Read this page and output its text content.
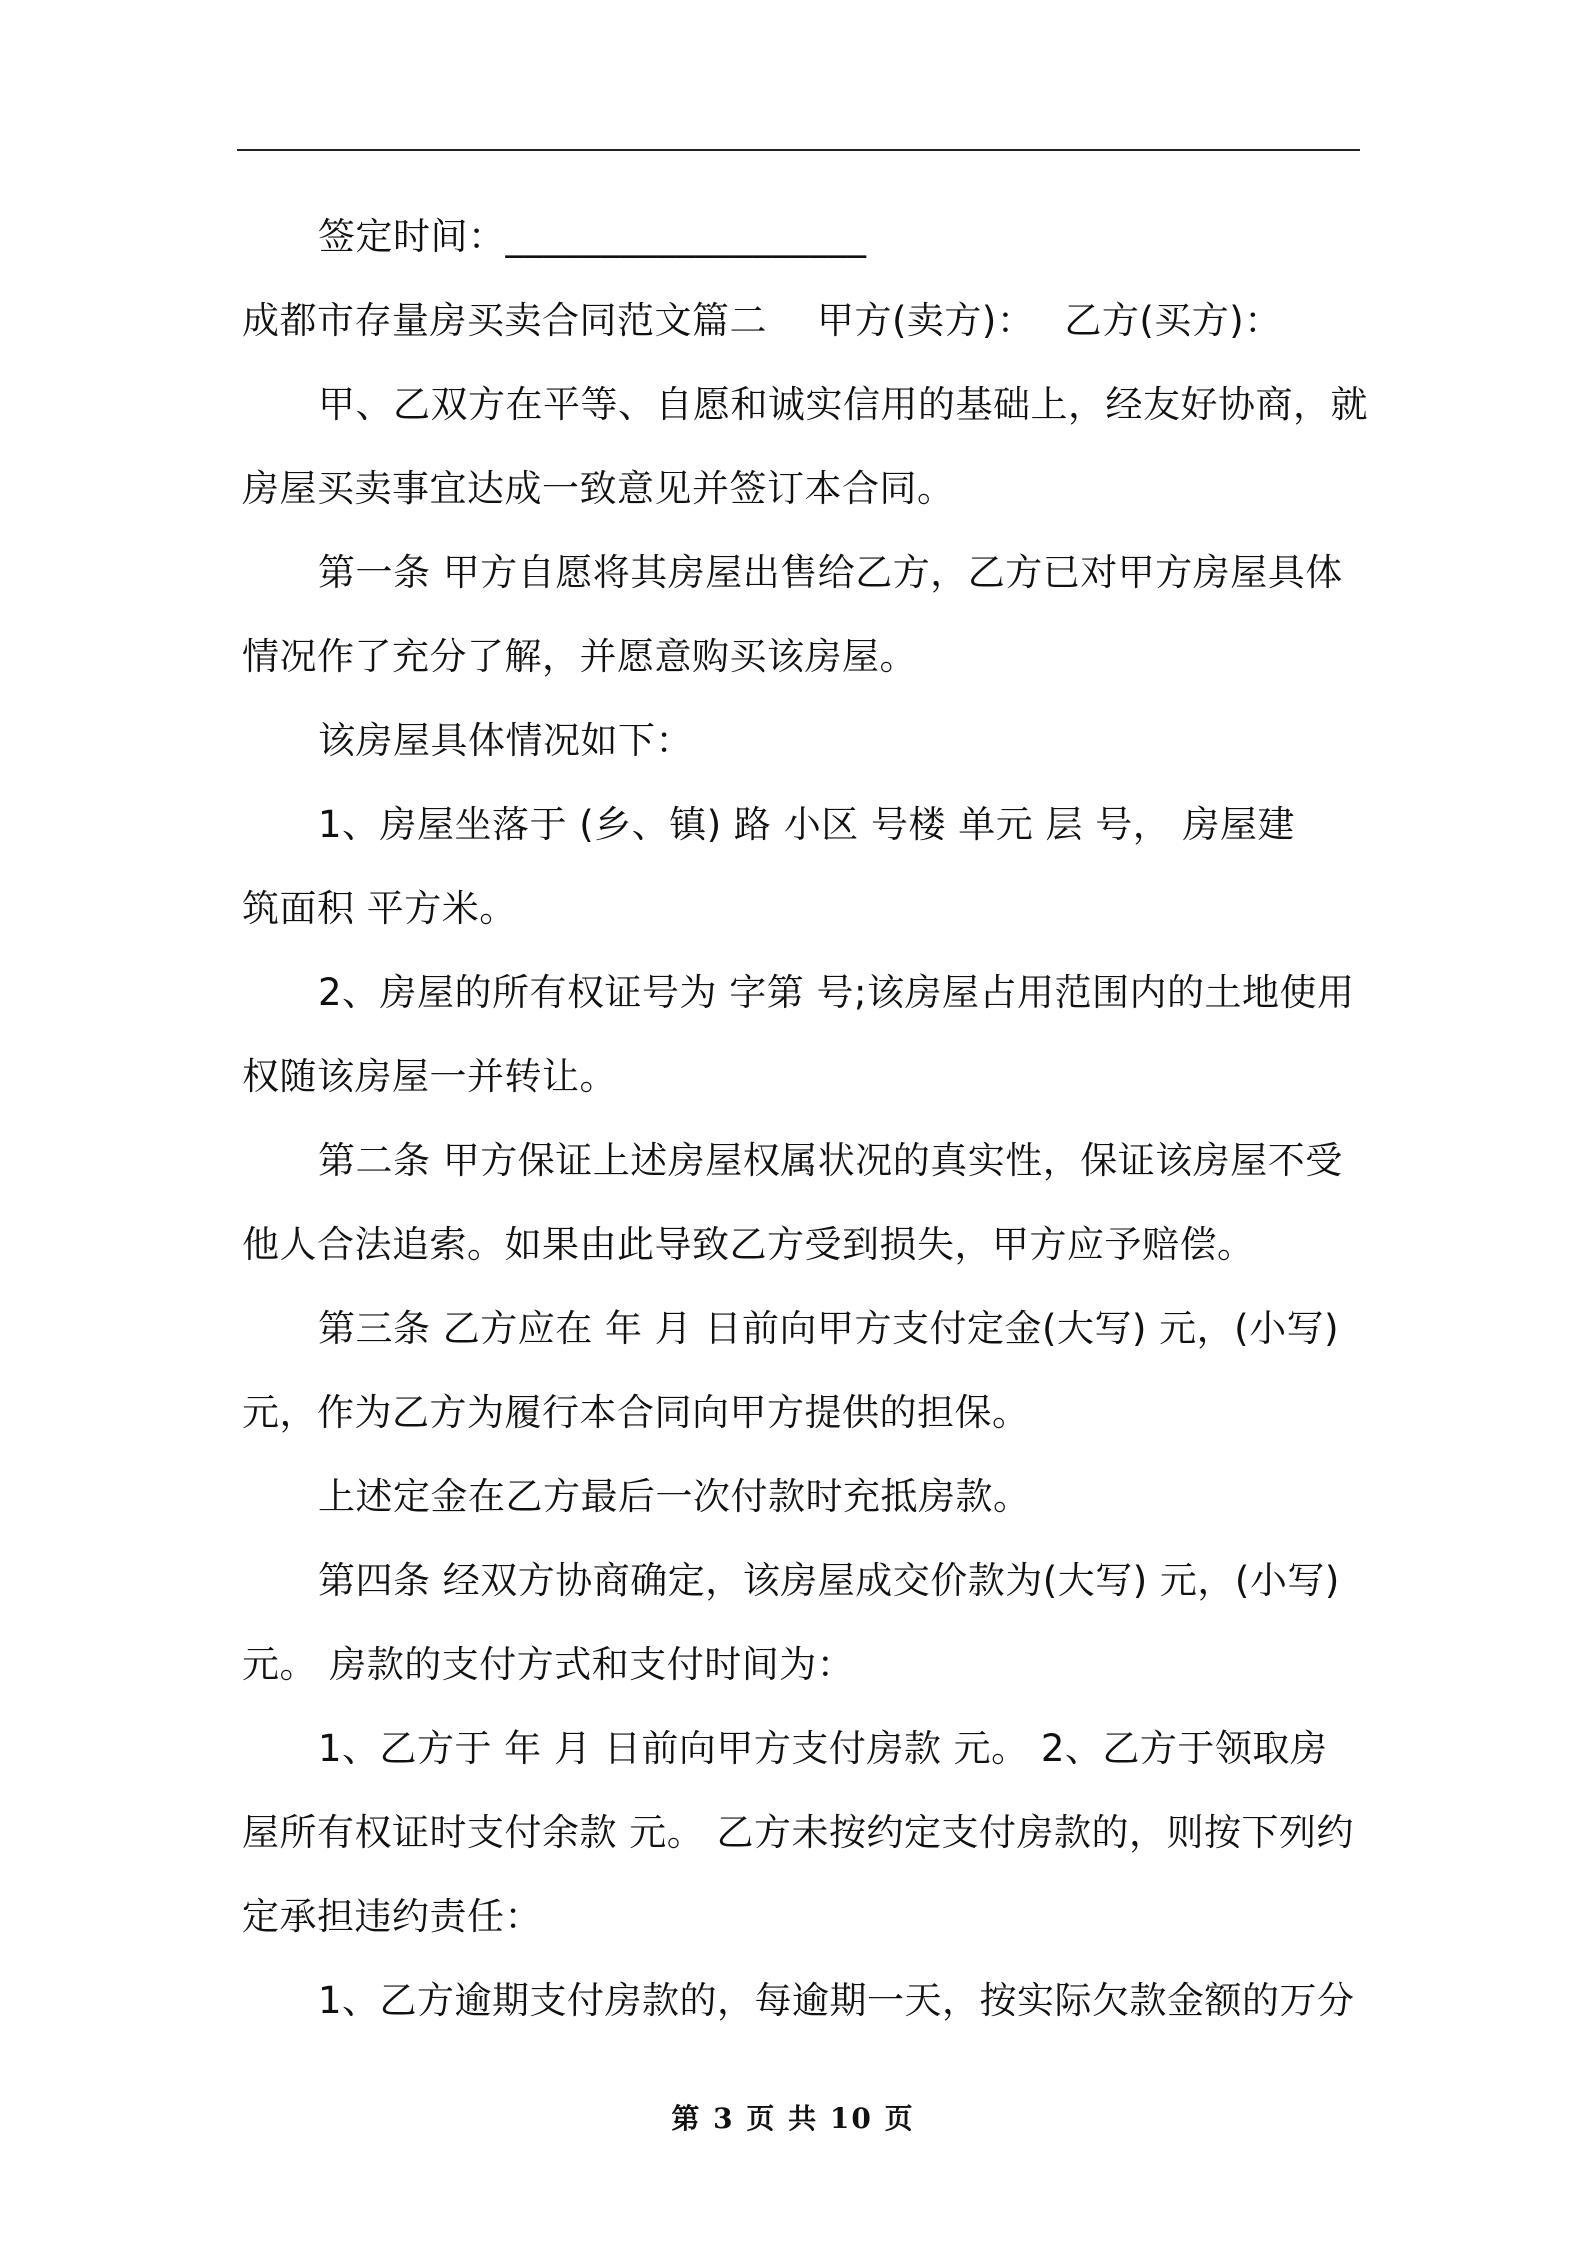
签定时间：___________________
成都市存量房买卖合同范文篇二 甲方(卖方)： 乙方(买方)：
甲、乙双方在平等、自愿和诚实信用的基础上，经友好协商，就
房屋买卖事宜达成一致意见并签订本合同。
第一条 甲方自愿将其房屋出售给乙方，乙方已对甲方房屋具体
情况作了充分了解，并愿意购买该房屋。
该房屋具体情况如下：
1、房屋坐落于 (乡、镇) 路 小区 号楼 单元 层 号， 房屋建
筑面积 平方米。
2、房屋的所有权证号为 字第 号;该房屋占用范围内的土地使用
权随该房屋一并转让。
第二条 甲方保证上述房屋权属状况的真实性，保证该房屋不受
他人合法追索。如果由此导致乙方受到损失，甲方应予赔偿。
第三条 乙方应在 年 月 日前向甲方支付定金(大写) 元，(小写)
元，作为乙方为履行本合同向甲方提供的担保。
上述定金在乙方最后一次付款时充抵房款。
第四条 经双方协商确定，该房屋成交价款为(大写) 元，(小写)
元。 房款的支付方式和支付时间为：
1、乙方于 年 月 日前向甲方支付房款 元。 2、乙方于领取房
屋所有权证时支付余款 元。 乙方未按约定支付房款的，则按下列约
定承担违约责任：
1、乙方逾期支付房款的，每逾期一天，按实际欠款金额的万分
第 3 页 共 10 页
